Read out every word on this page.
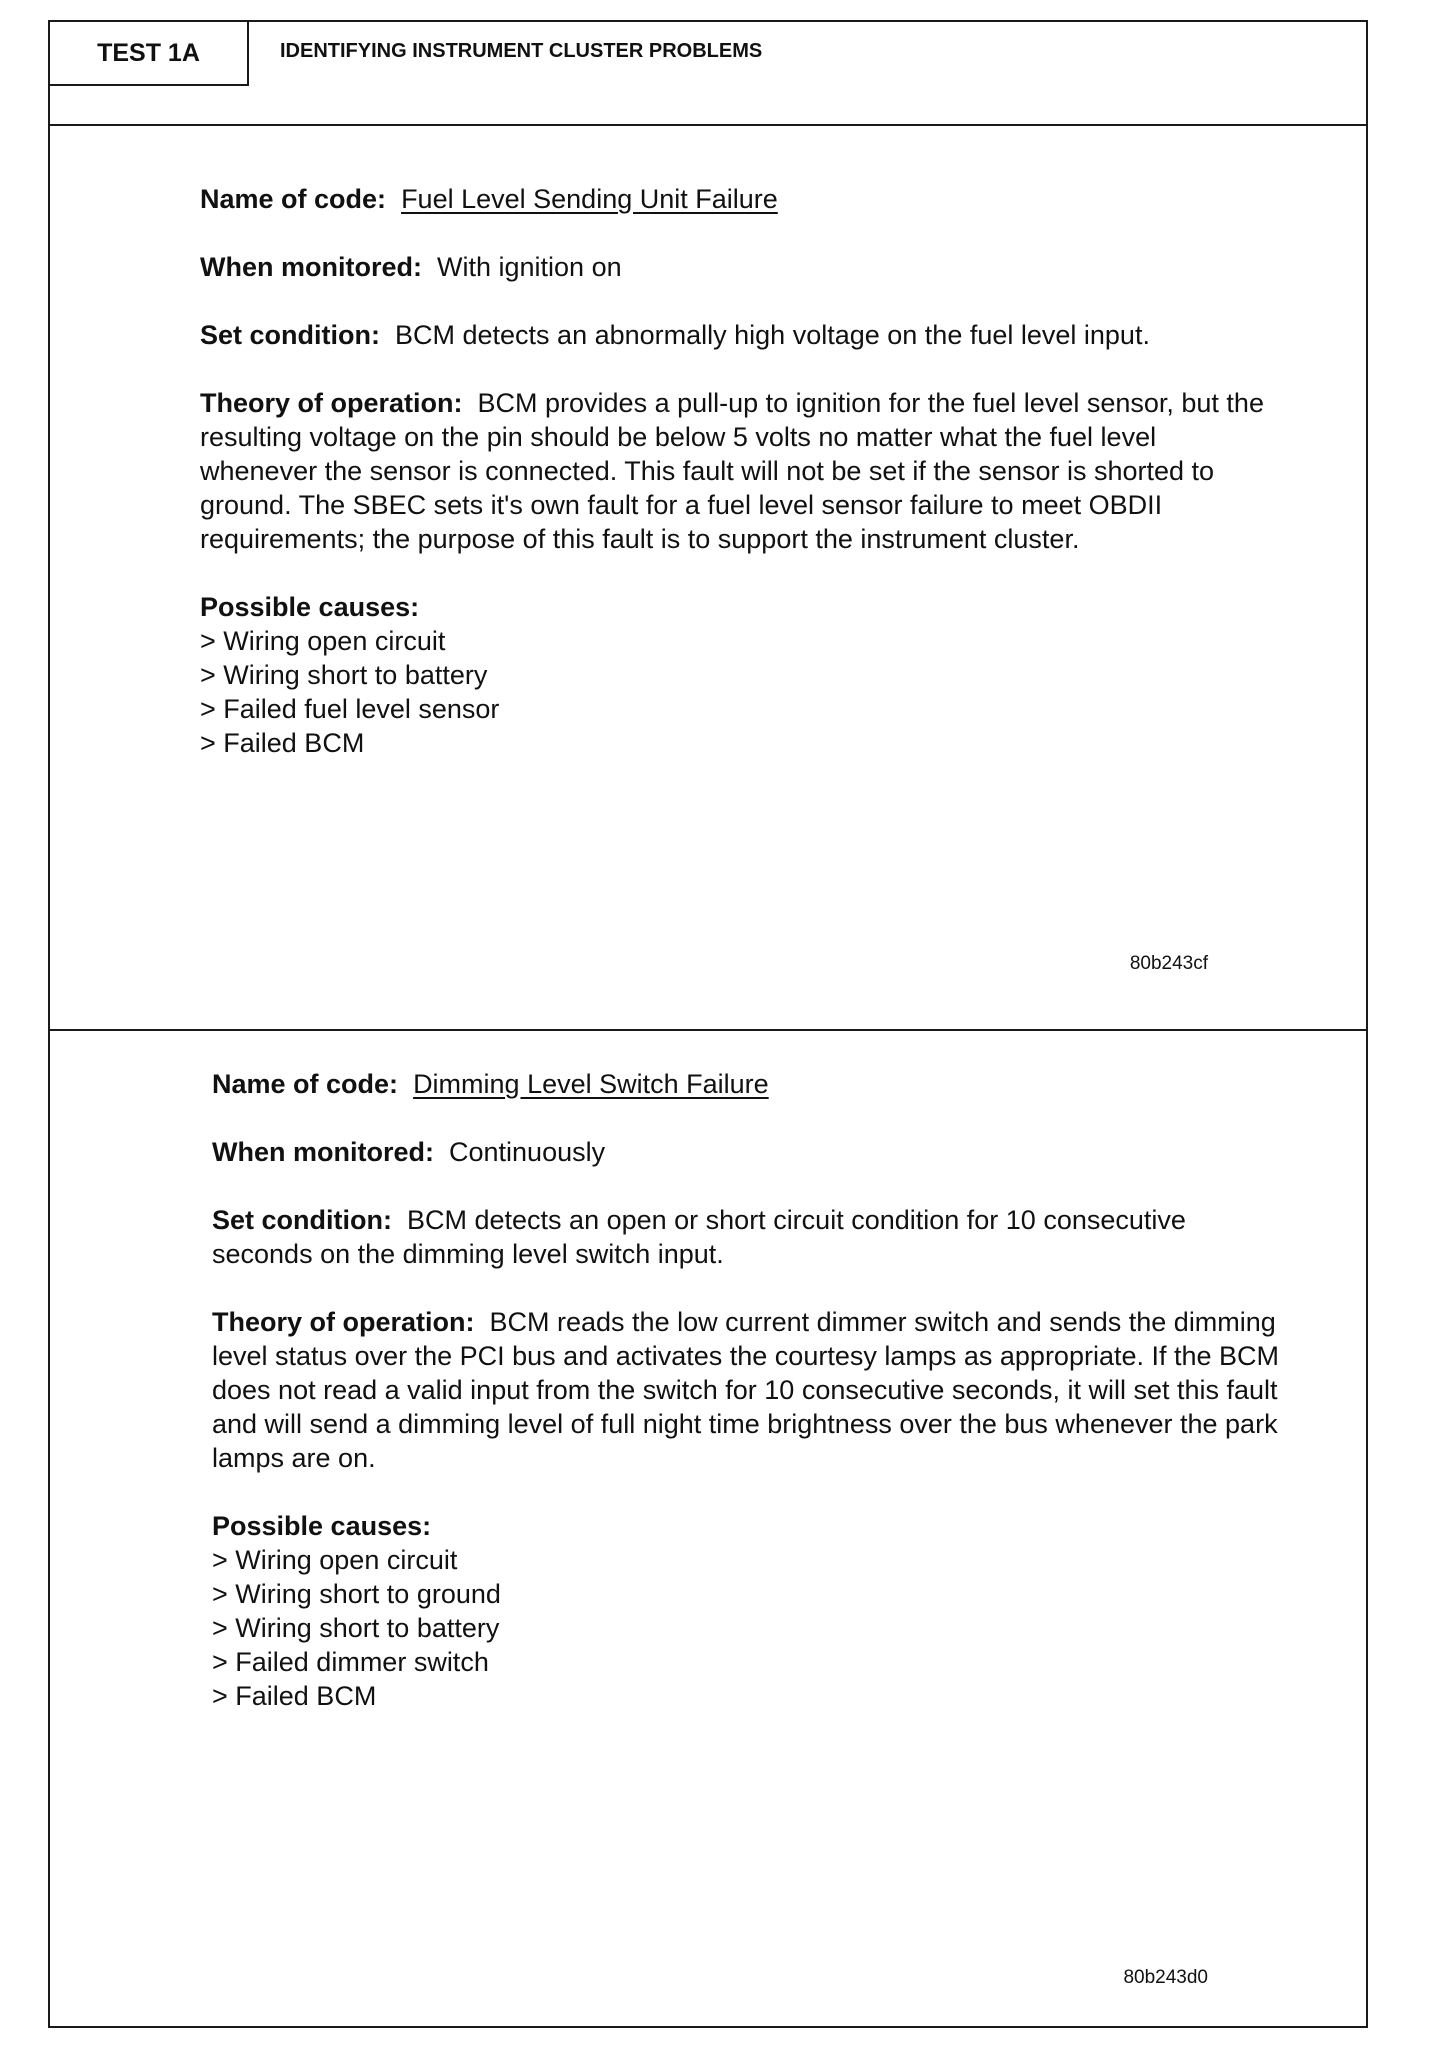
TEST 1A	IDENTIFYING INSTRUMENT CLUSTER PROBLEMS

Name of code: Fuel Level Sending Unit Failure

When monitored: With ignition on

Set condition: BCM detects an abnormally high voltage on the fuel level input.

Theory of operation: BCM provides a pull-up to ignition for the fuel level sensor, but the resulting voltage on the pin should be below 5 volts no matter what the fuel level whenever the sensor is connected. This fault will not be set if the sensor is shorted to ground. The SBEC sets it's own fault for a fuel level sensor failure to meet OBDII requirements; the purpose of this fault is to support the instrument cluster.

Possible causes:
> Wiring open circuit
> Wiring short to battery
> Failed fuel level sensor
> Failed BCM
80b243cf

Name of code: Dimming Level Switch Failure

When monitored: Continuously

Set condition: BCM detects an open or short circuit condition for 10 consecutive seconds on the dimming level switch input.

Theory of operation: BCM reads the low current dimmer switch and sends the dimming level status over the PCI bus and activates the courtesy lamps as appropriate. If the BCM does not read a valid input from the switch for 10 consecutive seconds, it will set this fault and will send a dimming level of full night time brightness over the bus whenever the park lamps are on.

Possible causes:
> Wiring open circuit
> Wiring short to ground
> Wiring short to battery
> Failed dimmer switch
> Failed BCM
80b243d0
